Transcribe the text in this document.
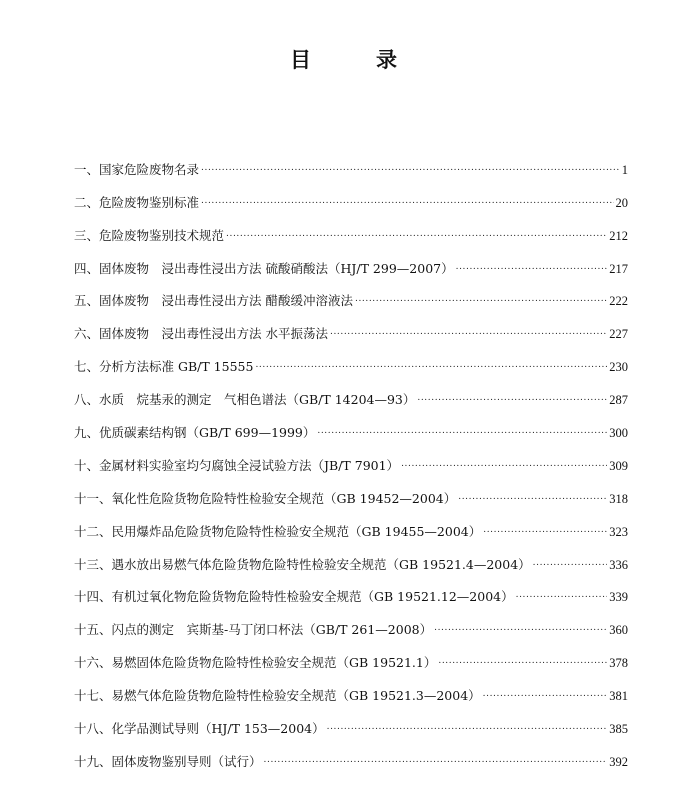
目　录
一、 国家危险废物名录 .....	1
二、 危险废物鉴别标准 .....	20
三、 危险废物鉴别技术规范 .....	212
四、 固体废物　浸出毒性浸出方法 硫酸硝酸法（HJ/T 299—2007） .....	217
五、 固体废物　浸出毒性浸出方法 醋酸缓冲溶液法 .....	222
六、 固体废物　浸出毒性浸出方法 水平振荡法 .....	227
七、 分析方法标准 GB/T 15555 .....	230
八、 水质　烷基汞的测定　气相色谱法（GB/T 14204—93） .....	287
九、 优质碳素结构钢（GB/T 699—1999） .....	300
十、 金属材料实验室均匀腐蚀全浸试验方法（JB/T 7901） .....	309
十一、 氧化性危险货物危险特性检验安全规范（GB 19452—2004） .....	318
十二、 民用爆炸品危险货物危险特性检验安全规范（GB 19455—2004） .....	323
十三、 遇水放出易燃气体危险货物危险特性检验安全规范（GB 19521.4—2004） .....	336
十四、 有机过氧化物危险货物危险特性检验安全规范（GB 19521.12—2004） .....	339
十五、 闪点的测定　宾斯基-马丁闭口杯法（GB/T 261—2008） .....	360
十六、 易燃固体危险货物危险特性检验安全规范（GB 19521.1） .....	378
十七、 易燃气体危险货物危险特性检验安全规范（GB 19521.3—2004） .....	381
十八、 化学品测试导则（HJ/T 153—2004） .....	385
十九、 固体废物鉴别导则（试行） .....	392
